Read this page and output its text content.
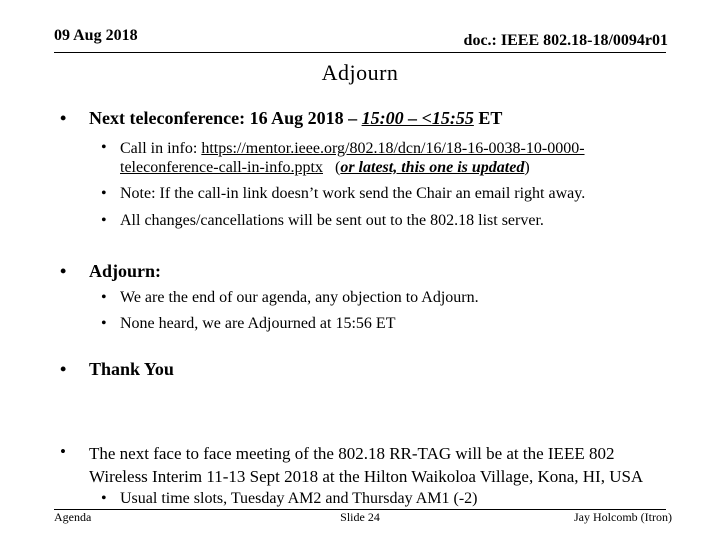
09 Aug 2018	doc.: IEEE 802.18-18/0094r01
Adjourn
• Next teleconference: 16 Aug 2018 – 15:00 – <15:55 ET
• Call in info: https://mentor.ieee.org/802.18/dcn/16/18-16-0038-10-0000-
teleconference-call-in-info.pptx (or latest, this one is updated)
• Note: If the call-in link doesn’t work send the Chair an email right away.
• All changes/cancellations will be sent out to the 802.18 list server.
• Adjourn:
• We are the end of our agenda, any objection to Adjourn.
• None heard, we are Adjourned at 15:56 ET
• Thank You
• The next face to face meeting of the 802.18 RR-TAG will be at the IEEE 802
Wireless Interim 11-13 Sept 2018 at the Hilton Waikoloa Village, Kona, HI, USA
• Usual time slots, Tuesday AM2 and Thursday AM1 (-2)
Agenda	Slide 24	Jay Holcomb (Itron)
